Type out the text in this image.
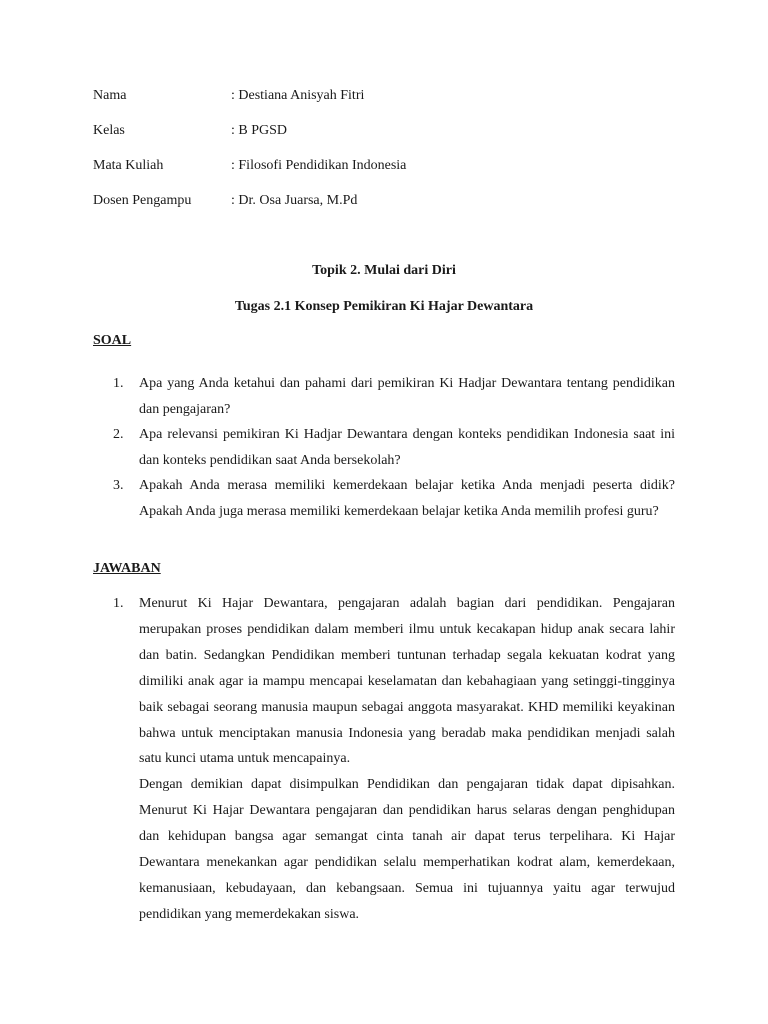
Nama	: Destiana Anisyah Fitri
Kelas	: B PGSD
Mata Kuliah	: Filosofi Pendidikan Indonesia
Dosen Pengampu	: Dr. Osa Juarsa, M.Pd
Topik 2. Mulai dari Diri
Tugas 2.1 Konsep Pemikiran Ki Hajar Dewantara
SOAL
1.	Apa yang Anda ketahui dan pahami dari pemikiran Ki Hadjar Dewantara tentang pendidikan dan pengajaran?
2.	Apa relevansi pemikiran Ki Hadjar Dewantara dengan konteks pendidikan Indonesia saat ini dan konteks pendidikan saat Anda bersekolah?
3.	Apakah Anda merasa memiliki kemerdekaan belajar ketika Anda menjadi peserta didik? Apakah Anda juga merasa memiliki kemerdekaan belajar ketika Anda memilih profesi guru?
JAWABAN
1.	Menurut Ki Hajar Dewantara, pengajaran adalah bagian dari pendidikan. Pengajaran merupakan proses pendidikan dalam memberi ilmu untuk kecakapan hidup anak secara lahir dan batin. Sedangkan Pendidikan memberi tuntunan terhadap segala kekuatan kodrat yang dimiliki anak agar ia mampu mencapai keselamatan dan kebahagiaan yang setinggi-tingginya baik sebagai seorang manusia maupun sebagai anggota masyarakat. KHD memiliki keyakinan bahwa untuk menciptakan manusia Indonesia yang beradab maka pendidikan menjadi salah satu kunci utama untuk mencapainya.

Dengan demikian dapat disimpulkan Pendidikan dan pengajaran tidak dapat dipisahkan. Menurut Ki Hajar Dewantara pengajaran dan pendidikan harus selaras dengan penghidupan dan kehidupan bangsa agar semangat cinta tanah air dapat terus terpelihara. Ki Hajar Dewantara menekankan agar pendidikan selalu memperhatikan kodrat alam, kemerdekaan, kemanusiaan, kebudayaan, dan kebangsaan. Semua ini tujuannya yaitu agar terwujud pendidikan yang memerdekakan siswa.
